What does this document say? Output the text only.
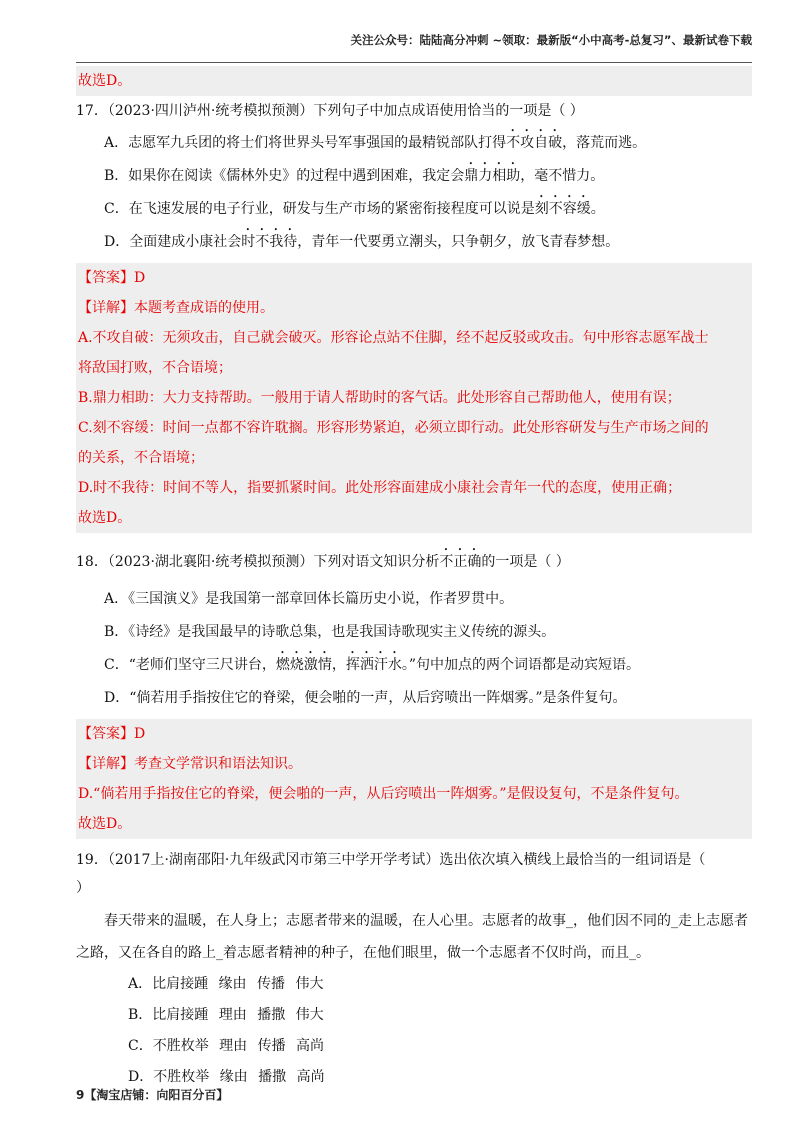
关注公众号：陆陆高分冲刺 ~领取：最新版“小中高考-总复习”、最新试卷下载
故选D。
17．（2023·四川泸州·统考模拟预测）下列句子中加点成语使用恰当的一项是（ ）
A．志愿军九兵团的将士们将世界头号军事强国的最精锐部队打得不攻自破，落荒而逃。
B．如果你在阅读《儒林外史》的过程中遇到困难，我定会鼎力相助，毫不惜力。
C．在飞速发展的电子行业，研发与生产市场的紧密衔接程度可以说是刻不容缓。
D．全面建成小康社会时不我待，青年一代要勇立潮头，只争朝夕，放飞青春梦想。
【答案】D
【详解】本题考查成语的使用。
A.不攻自破：无须攻击，自己就会破灭。形容论点站不住脚，经不起反驳或攻击。句中形容志愿军战士
将敌国打败，不合语境；
B.鼎力相助：大力支持帮助。一般用于请人帮助时的客气话。此处形容自己帮助他人，使用有误；
C.刻不容缓：时间一点都不容许耽搁。形容形势紧迫，必须立即行动。此处形容研发与生产市场之间的
的关系，不合语境；
D.时不我待：时间不等人，指要抓紧时间。此处形容面建成小康社会青年一代的态度，使用正确；
故选D。
18．（2023·湖北襄阳·统考模拟预测）下列对语文知识分析不正确的一项是（ ）
A．《三国演义》是我国第一部章回体长篇历史小说，作者罗贯中。
B．《诗经》是我国最早的诗歌总集，也是我国诗歌现实主义传统的源头。
C．“老师们坚守三尺讲台，燃烧激情，挥洒汗水。”句中加点的两个词语都是动宾短语。
D．“倘若用手指按住它的脊梁，便会啪的一声，从后窍喷出一阵烟雾。”是条件复句。
【答案】D
【详解】考查文学常识和语法知识。
D.“倘若用手指按住它的脊梁，便会啪的一声，从后窍喷出一阵烟雾。”是假设复句，不是条件复句。
故选D。
19．（2017上·湖南邵阳·九年级武冈市第三中学开学考试）选出依次填入横线上最恰当的一组词语是（
）
春天带来的温暖，在人身上；志愿者带来的温暖，在人心里。志愿者的故事_，他们因不同的_走上志愿者之路，又在各自的路上_着志愿者精神的种子，在他们眼里，做一个志愿者不仅时尚，而且_。
A．比肩接踵 缘由 传播 伟大
B．比肩接踵 理由 播撒 伟大
C．不胜枚举 理由 传播 高尚
D．不胜枚举 缘由 播撒 高尚
9【淘宝店铺：向阳百分百】
